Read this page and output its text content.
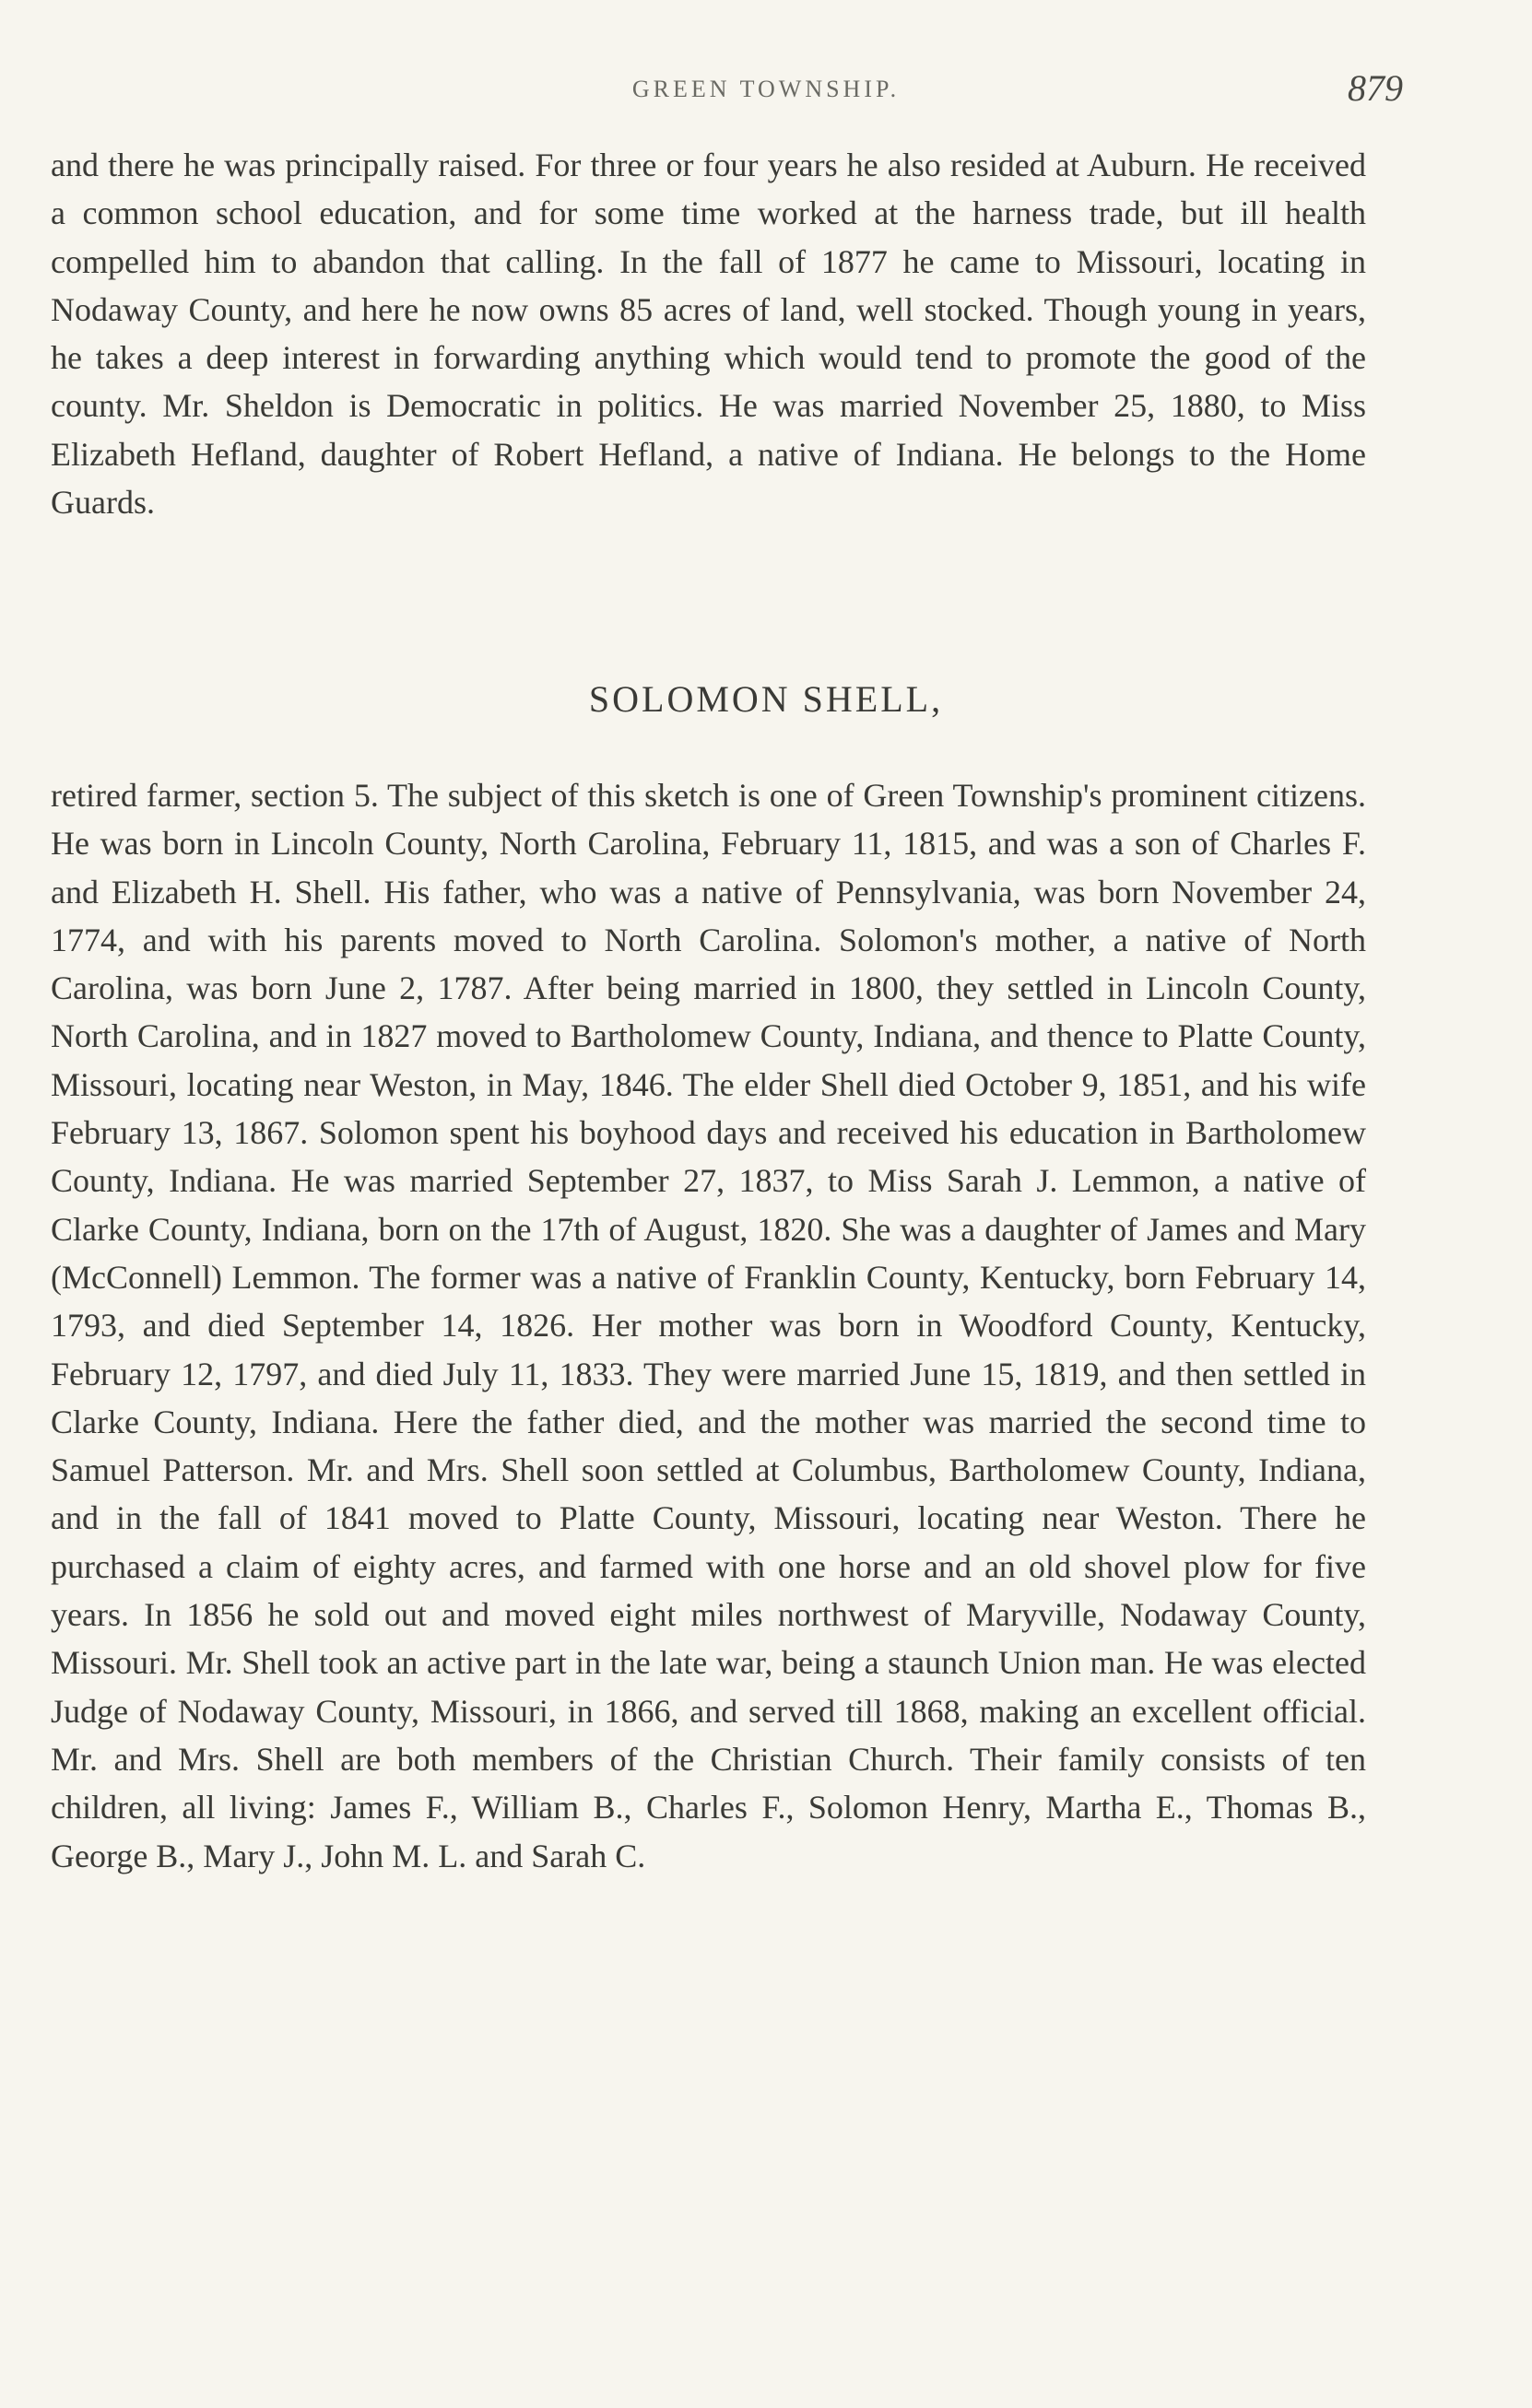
GREEN TOWNSHIP.	879

and there he was principally raised. For three or four years he also resided at Auburn. He received a common school education, and for some time worked at the harness trade, but ill health compelled him to abandon that calling. In the fall of 1877 he came to Missouri, locating in Nodaway County, and here he now owns 85 acres of land, well stocked. Though young in years, he takes a deep interest in forwarding anything which would tend to promote the good of the county. Mr. Sheldon is Democratic in politics. He was married November 25, 1880, to Miss Elizabeth Hefland, daughter of Robert Hefland, a native of Indiana. He belongs to the Home Guards.

SOLOMON SHELL,

retired farmer, section 5. The subject of this sketch is one of Green Township's prominent citizens. He was born in Lincoln County, North Carolina, February 11, 1815, and was a son of Charles F. and Elizabeth H. Shell. His father, who was a native of Pennsylvania, was born November 24, 1774, and with his parents moved to North Carolina. Solomon's mother, a native of North Carolina, was born June 2, 1787. After being married in 1800, they settled in Lincoln County, North Carolina, and in 1827 moved to Bartholomew County, Indiana, and thence to Platte County, Missouri, locating near Weston, in May, 1846. The elder Shell died October 9, 1851, and his wife February 13, 1867. Solomon spent his boyhood days and received his education in Bartholomew County, Indiana. He was married September 27, 1837, to Miss Sarah J. Lemmon, a native of Clarke County, Indiana, born on the 17th of August, 1820. She was a daughter of James and Mary (McConnell) Lemmon. The former was a native of Franklin County, Kentucky, born February 14, 1793, and died September 14, 1826. Her mother was born in Woodford County, Kentucky, February 12, 1797, and died July 11, 1833. They were married June 15, 1819, and then settled in Clarke County, Indiana. Here the father died, and the mother was married the second time to Samuel Patterson. Mr. and Mrs. Shell soon settled at Columbus, Bartholomew County, Indiana, and in the fall of 1841 moved to Platte County, Missouri, locating near Weston. There he purchased a claim of eighty acres, and farmed with one horse and an old shovel plow for five years. In 1856 he sold out and moved eight miles northwest of Maryville, Nodaway County, Missouri. Mr. Shell took an active part in the late war, being a staunch Union man. He was elected Judge of Nodaway County, Missouri, in 1866, and served till 1868, making an excellent official. Mr. and Mrs. Shell are both members of the Christian Church. Their family consists of ten children, all living: James F., William B., Charles F., Solomon Henry, Martha E., Thomas B., George B., Mary J., John M. L. and Sarah C.
